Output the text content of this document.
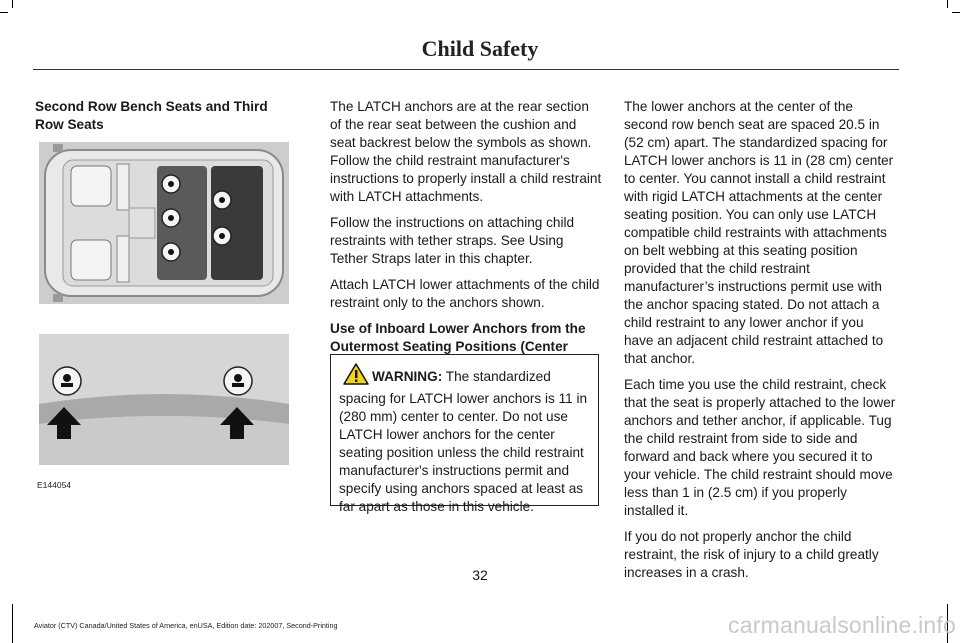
Child Safety
Second Row Bench Seats and Third Row Seats
E144054

The LATCH anchors are at the rear section of the rear seat between the cushion and seat backrest below the symbols as shown. Follow the child restraint manufacturer's instructions to properly install a child restraint with LATCH attachments.

Follow the instructions on attaching child restraints with tether straps. See Using Tether Straps later in this chapter.

Attach LATCH lower attachments of the child restraint only to the anchors shown.

Use of Inboard Lower Anchors from the Outermost Seating Positions (Center
WARNING: The standardized spacing for LATCH lower anchors is 11 in (280 mm) center to center. Do not use LATCH lower anchors for the center seating position unless the child restraint manufacturer's instructions permit and specify using anchors spaced at least as far apart as those in this vehicle.

The lower anchors at the center of the second row bench seat are spaced 20.5 in (52 cm) apart. The standardized spacing for LATCH lower anchors is 11 in (28 cm) center to center. You cannot install a child restraint with rigid LATCH attachments at the center seating position. You can only use LATCH compatible child restraints with attachments on belt webbing at this seating position provided that the child restraint manufacturer’s instructions permit use with the anchor spacing stated. Do not attach a child restraint to any lower anchor if you have an adjacent child restraint attached to that anchor.

Each time you use the child restraint, check that the seat is properly attached to the lower anchors and tether anchor, if applicable. Tug the child restraint from side to side and forward and back where you secured it to your vehicle. The child restraint should move less than 1 in (2.5 cm) if you properly installed it.

If you do not properly anchor the child restraint, the risk of injury to a child greatly increases in a crash.

32
Aviator (CTV) Canada/United States of America, enUSA, Edition date: 202007, Second-Printing	carmanualsonline.info
